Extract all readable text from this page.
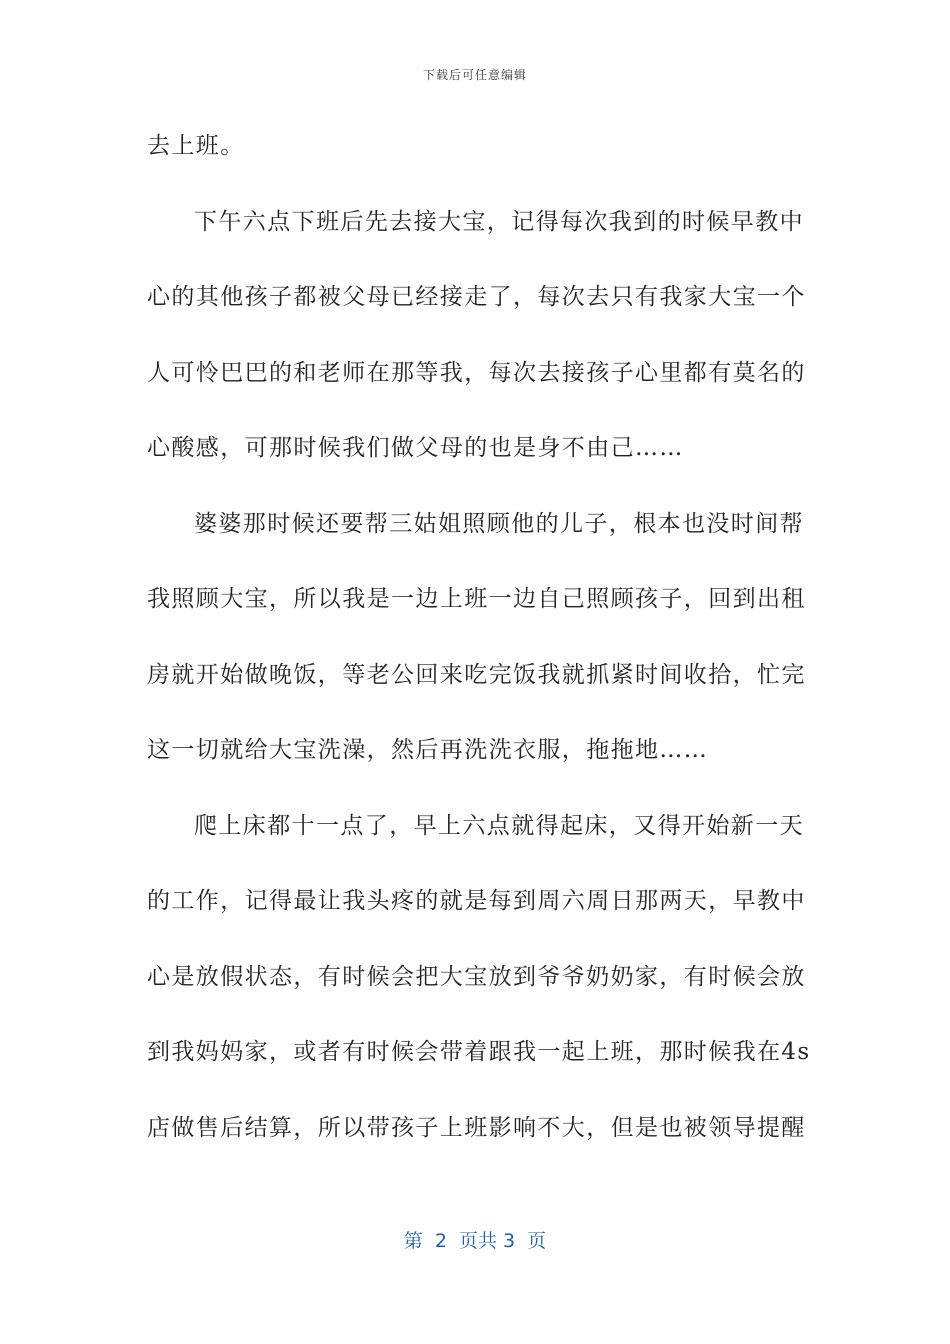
下载后可任意编辑
去上班。
下午六点下班后先去接大宝，记得每次我到的时候早教中
心的其他孩子都被父母已经接走了，每次去只有我家大宝一个
人可怜巴巴的和老师在那等我，每次去接孩子心里都有莫名的
心酸感，可那时候我们做父母的也是身不由己……
婆婆那时候还要帮三姑姐照顾他的儿子，根本也没时间帮
我照顾大宝，所以我是一边上班一边自己照顾孩子，回到出租
房就开始做晚饭，等老公回来吃完饭我就抓紧时间收拾，忙完
这一切就给大宝洗澡，然后再洗洗衣服，拖拖地……
爬上床都十一点了，早上六点就得起床，又得开始新一天
的工作，记得最让我头疼的就是每到周六周日那两天，早教中
心是放假状态，有时候会把大宝放到爷爷奶奶家，有时候会放
到我妈妈家，或者有时候会带着跟我一起上班，那时候我在4s
店做售后结算，所以带孩子上班影响不大，但是也被领导提醒
第  2  页共 3  页
